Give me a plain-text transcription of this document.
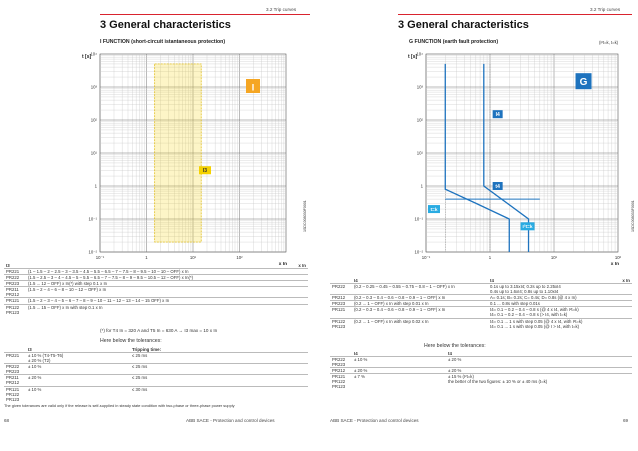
3.2 Trip curves
3 General characteristics
I FUNCTION (short-circuit istantaneous protection)
10⁻²
10⁻¹
1
10¹
10²
10³
10⁴
10⁻¹	1	10¹	10²
t [s]
x In
I
I3
1SDC008030F0001
I3	x In
PR221	(1 – 1.5 – 2 – 2.5 – 3 – 3.5 – 4.5 – 5.5 – 6.5 – 7 – 7.5 – 8 – 9.5 – 10 – 10 – OFF) x In
PR222	(1.5 – 2.5 – 3 – 4 – 4.5 – 5 – 5.5 – 6.5 – 7 – 7.5 – 8 – 9 – 9.5 – 10.5 – 12 – OFF) x In(*)
PR223	(1.5 ... 12 – OFF) x In(*) with step 0.1 x In
PR211
PR212	(1.5 – 2 – 4 – 6 – 8 – 10 – 12 – OFF) x In
PR121	(1.5 – 2 – 3 – 4 – 5 – 6 – 7 – 8 – 9 – 10 – 11 – 12 – 13 – 14 – 15 OFF) x In
PR122
PR123	(1.5 ... 15 – OFF) x In with step 0.1 x In
(*) for T4 In = 320 A and T5 In = 630 A → I3 max = 10 x In
Here below the tolerances:
	I3	Tripping time:
PR221	± 10 % (T4-T5-T6)
± 20 % (T2)	≤ 25 ms
PR222
PR223	± 10 %	≤ 25 ms
PR211
PR212	± 20 %	≤ 25 ms
PR121
PR122
PR123	± 10 %	≤ 30 ms
The given tolerances are valid only if the release is self-supplied in steady state condition with two-phase or three-phase power supply
68	ABB SACE - Protection and control devices
3.2 Trip curves
3 General characteristics
G FUNCTION (earth fault protection)	(I²t=k, t=k)
10⁻²
10⁻¹
1
10¹
10²
10³
10⁴
10⁻¹	1	10¹	10²
t [s]
x In
G
I4
t4
t=k
I²t=k	1SDC008033F0001
	I4	t4 x In

PR222	(0.2 – 0.25 – 0.45 – 0.55 – 0.75 – 0.8 – 1 – OFF) x In	0.1s up to 3.15xI4; 0.2s up to 2.25xI4
0.4s up to 1.6xI4; 0.8s up to 1.10xI4
PR212	(0.2 – 0.3 – 0.4 – 0.6 – 0.8 – 0.9 – 1 – OFF) x In	A= 0.1s; B= 0.2s; C= 0.4s; D= 0.8s (@ 4 x In)
PR223	(0.2 ... 1 – OFF) x In with step 0.01 x In	0.1 ... 0.8s with step 0.01s
PR121	(0.2 – 0.3 – 0.4 – 0.6 – 0.8 – 0.9 – 1 – OFF) x In	t4= 0.1 – 0.2 – 0.4 – 0.8 s (@ 4 x I4, with I²t=k)
t4= 0.1 – 0.2 – 0.4 – 0.8 s (> I4, with t=k)
PR122
PR123	(0.2 ... 1 – OFF) x In with step 0.02 x In	t4= 0.1 ... 1 s with step 0.05 (@ 4 x I4, with I²t=k)
t4= 0.1 ... 1 s with step 0.05 (@ I > I4, with t=k)
Here below the tolerances:
	I4	t4
PR222
PR223	± 10 %	± 20 %
PR212	± 20 %	± 20 %
PR121
PR122
PR123	± 7 %	± 15 % (I²t=k)
the better of the two figures: ± 10 % or ± 40 ms (t=k)
ABB SACE - Protection and control devices	69
